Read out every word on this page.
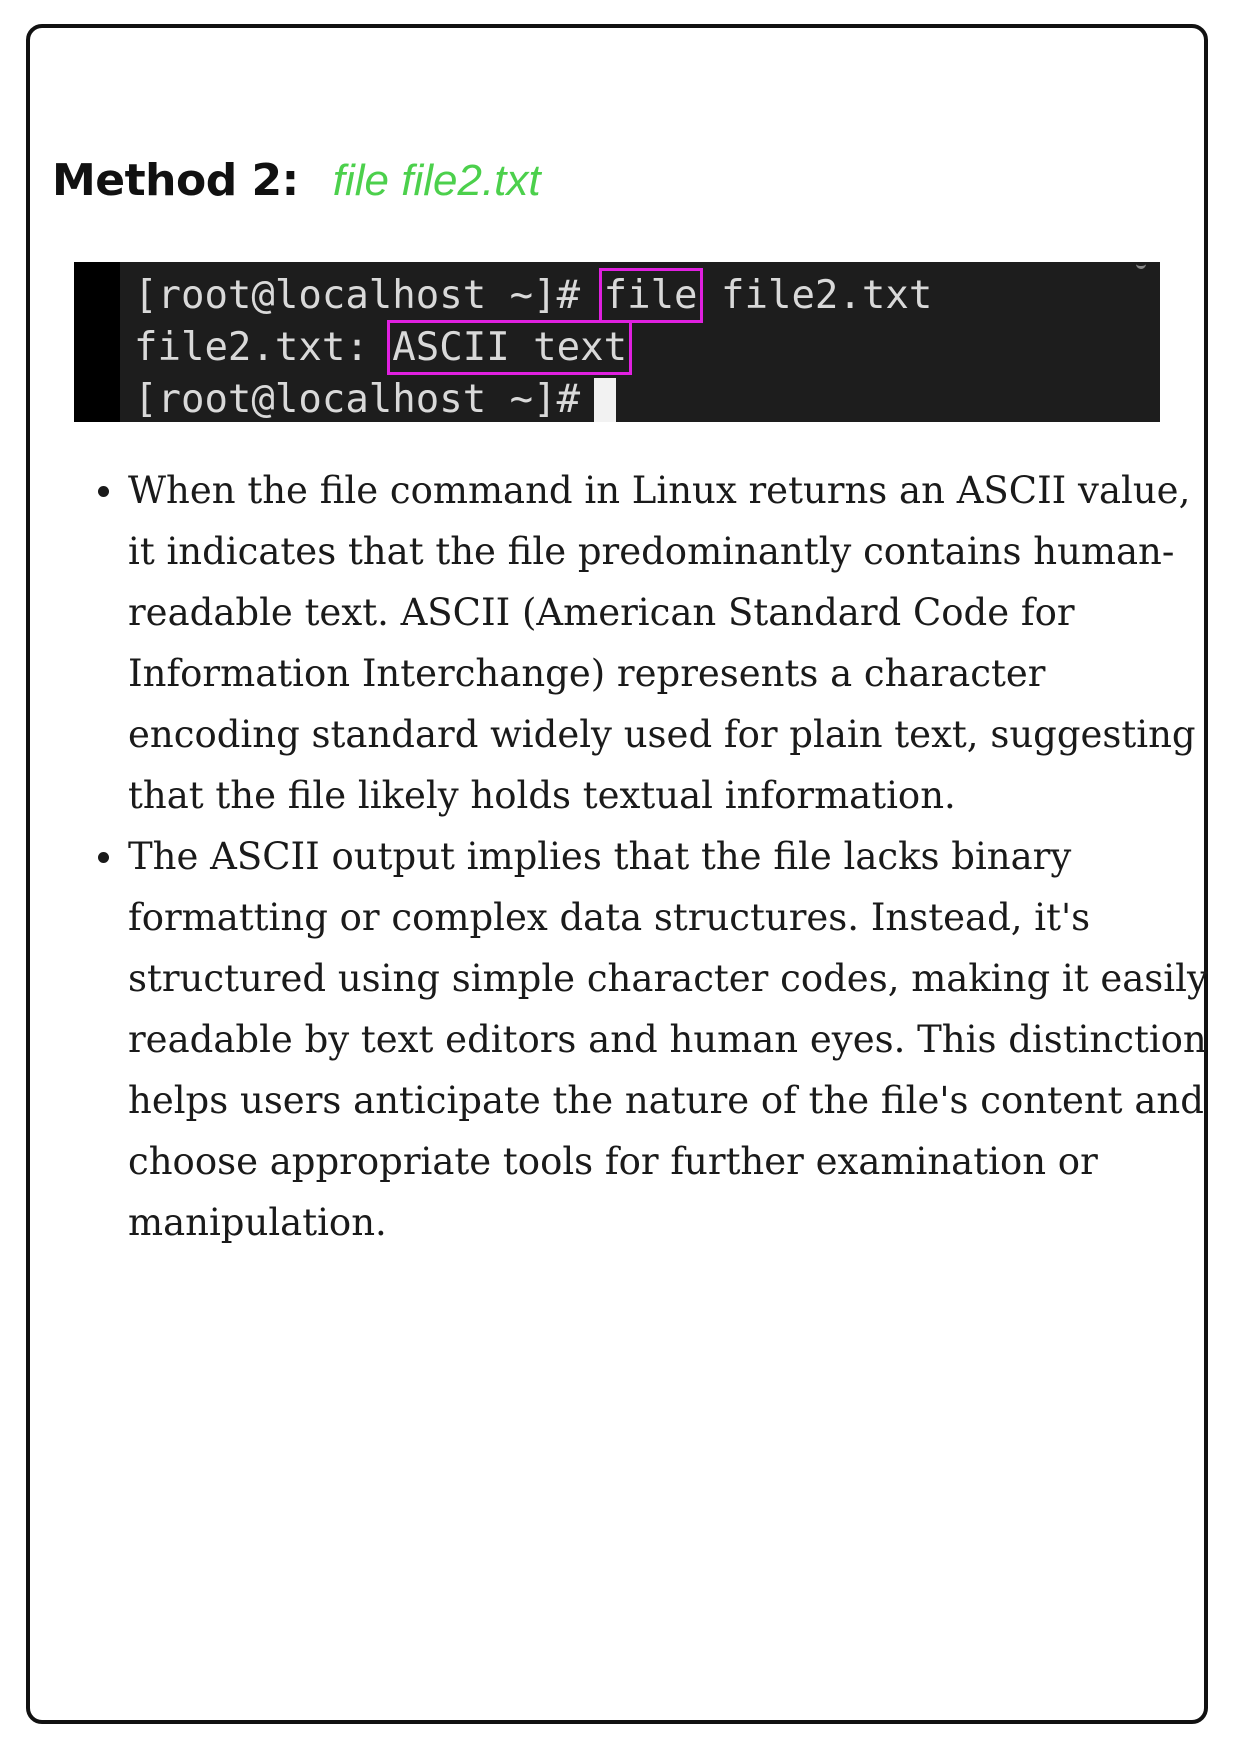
Method 2: file file2.txt
[root@localhost ~]# file file2.txt
file2.txt: ASCII text
[root@localhost ~]#
When the file command in Linux returns an ASCII value, it indicates that the file predominantly contains human-readable text. ASCII (American Standard Code for Information Interchange) represents a character encoding standard widely used for plain text, suggesting that the file likely holds textual information.
The ASCII output implies that the file lacks binary formatting or complex data structures. Instead, it's structured using simple character codes, making it easily readable by text editors and human eyes. This distinction helps users anticipate the nature of the file's content and choose appropriate tools for further examination or manipulation.
